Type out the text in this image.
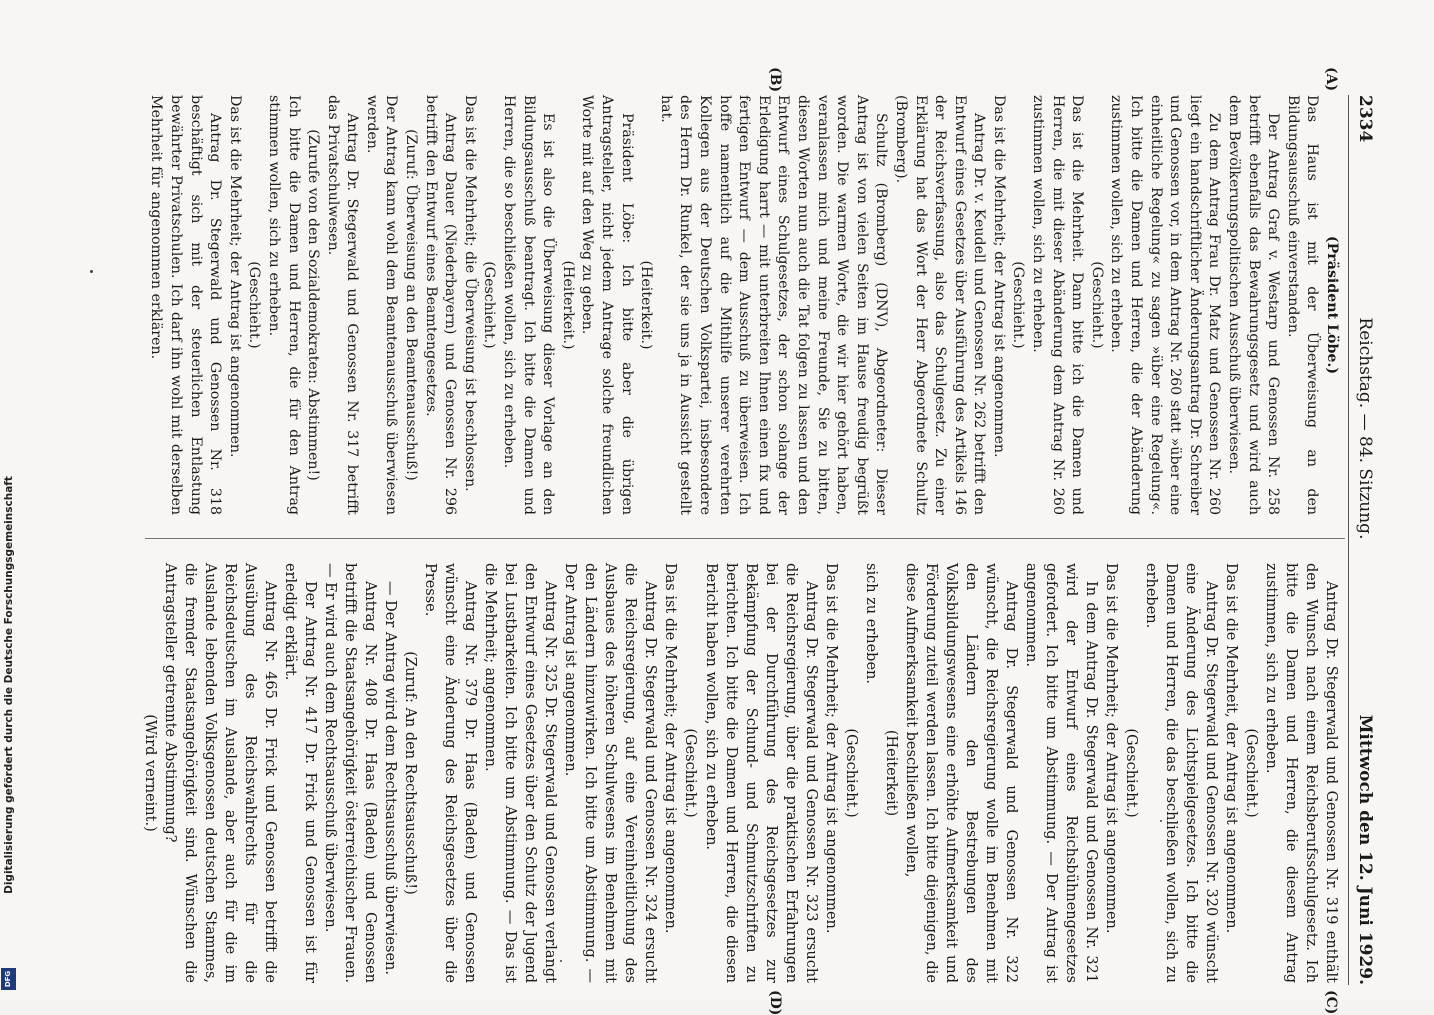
Digitalisierung gefördert durch die Deutsche Forschungsgemeinschaft
DFG
2334
Reichstag. — 84. Sitzung.
Mittwoch den 12. Juni 1929.

(Präsident Löbe.)

Das Haus ist mit der Überweisung an den Bildungsausschuß einverstanden.

Der Antrag Graf v. Westarp und Genossen Nr. 258 betrifft ebenfalls das Bewahrungsgesetz und wird auch dem Bevölkerungspolitischen Ausschuß überwiesen.

Zu dem Antrag Frau Dr. Matz und Genossen Nr. 260 liegt ein handschriftlicher Änderungsantrag Dr. Schreiber und Genossen vor, in dem Antrag Nr. 260 statt »über eine einheitliche Regelung« zu sagen »über eine Regelung«. Ich bitte die Damen und Herren, die der Abänderung zustimmen wollen, sich zu erheben.

(Geschieht.)

Das ist die Mehrheit. Dann bitte ich die Damen und Herren, die mit dieser Abänderung dem Antrag Nr. 260 zustimmen wollen, sich zu erheben.

(Geschieht.)

Das ist die Mehrheit; der Antrag ist angenommen.

Antrag Dr. v. Keudell und Genossen Nr. 262 betrifft den Entwurf eines Gesetzes über Ausführung des Artikels 146 der Reichsverfassung, also das Schulgesetz. Zu einer Erklärung hat das Wort der Herr Abgeordnete Schultz (Bromberg).

Schultz (Bromberg) (DNV), Abgeordneter: Dieser Antrag ist von vielen Seiten im Hause freudig begrüßt worden. Die warmen Worte, die wir hier gehört haben, veranlassen mich und meine Freunde, Sie zu bitten, diesen Worten nun auch die Tat folgen zu lassen und den Entwurf eines Schulgesetzes, der schon solange der Erledigung harrt — mit unterbreiten Ihnen einen fix und fertigen Entwurf — dem Ausschuß zu überweisen. Ich hoffe namentlich auf die Mithilfe unserer verehrten Kollegen aus der Deutschen Volkspartei, insbesondere des Herrn Dr. Runkel, der sie uns ja in Aussicht gestellt hat.

(Heiterkeit.)

Präsident Löbe: Ich bitte aber die übrigen Antragsteller, nicht jedem Antrage solche freundlichen Worte mit auf den Weg zu geben.

(Heiterkeit.)

Es ist also die Überweisung dieser Vorlage an den Bildungsausschuß beantragt. Ich bitte die Damen und Herren, die so beschließen wollen, sich zu erheben.

(Geschieht.)

Das ist die Mehrheit; die Überweisung ist beschlossen.

Antrag Dauer (Niederbayern) und Genossen Nr. 296 betrifft den Entwurf eines Beamtengesetzes.

(Zuruf: Überweisung an den Beamtenausschuß!)

Der Antrag kann wohl dem Beamtenausschuß überwiesen werden.

Antrag Dr. Stegerwald und Genossen Nr. 317 betrifft das Privatschulwesen.

(Zurufe von den Sozialdemokraten: Abstimmen!)

Ich bitte die Damen und Herren, die für den Antrag stimmen wollen, sich zu erheben.

(Geschieht.)

Das ist die Mehrheit; der Antrag ist angenommen.

Antrag Dr. Stegerwald und Genossen Nr. 318 beschäftigt sich mit der steuerlichen Entlastung bewährter Privatschulen. Ich darf ihn wohl mit derselben Mehrheit für angenommen erklären.

Antrag Dr. Stegerwald und Genossen Nr. 319 enthält den Wunsch nach einem Reichsberufsschulgesetz. Ich bitte die Damen und Herren, die diesem Antrag zustimmen, sich zu erheben.

(Geschieht.)

Das ist die Mehrheit, der Antrag ist angenommen.

Antrag Dr. Stegerwald und Genossen Nr. 320 wünscht eine Änderung des Lichtspielgesetzes. Ich bitte die Damen und Herren, die das beschließen wollen, sich zu erheben.

(Geschieht.)

Das ist die Mehrheit; der Antrag ist angenommen.

In dem Antrag Dr. Stegerwald und Genossen Nr. 321 wird der Entwurf eines Reichsbühnengesetzes gefordert. Ich bitte um Abstimmung. — Der Antrag ist angenommen.

Antrag Dr. Stegerwald und Genossen Nr. 322 wünscht, die Reichsregierung wolle im Benehmen mit den Ländern den Bestrebungen des Volksbildungswesens eine erhöhte Aufmerksamkeit und Förderung zuteil werden lassen. Ich bitte diejenigen, die diese Aufmerksamkeit beschließen wollen,

(Heiterkeit)

sich zu erheben.

(Geschieht.)

Das ist die Mehrheit; der Antrag ist angenommen.

Antrag Dr. Stegerwald und Genossen Nr. 323 ersucht die Reichsregierung, über die praktischen Erfahrungen bei der Durchführung des Reichsgesetzes zur Bekämpfung der Schund- und Schmutzschriften zu berichten. Ich bitte die Damen und Herren, die diesen Bericht haben wollen, sich zu erheben.

(Geschieht.)

Das ist die Mehrheit; der Antrag ist angenommen.

Antrag Dr. Stegerwald und Genossen Nr. 324 ersucht die Reichsregierung, auf eine Vereinheitlichung des Ausbaues des höheren Schulwesens im Benehmen mit den Ländern hinzuwirken. Ich bitte um Abstimmung. — Der Antrag ist angenommen.

Antrag Nr. 325 Dr. Stegerwald und Genossen verlangt den Entwurf eines Gesetzes über den Schutz der Jugend bei Lustbarkeiten. Ich bitte um Abstimmung. — Das ist die Mehrheit; angenommen.

Antrag Nr. 379 Dr. Haas (Baden) und Genossen wünscht eine Änderung des Reichsgesetzes über die Presse.

(Zuruf: An den Rechtsausschuß!)

— Der Antrag wird dem Rechtsausschuß überwiesen.

Antrag Nr. 408 Dr. Haas (Baden) und Genossen betrifft die Staatsangehörigkeit österreichischer Frauen. — Er wird auch dem Rechtsausschuß überwiesen.

Der Antrag Nr. 417 Dr. Frick und Genossen ist für erledigt erklärt.

Antrag Nr. 465 Dr. Frick und Genossen betrifft die Ausübung des Reichswahlrechts für die Reichsdeutschen im Auslande, aber auch für die im Auslande lebenden Volksgenossen deutschen Stammes, die fremder Staatsangehörigkeit sind. Wünschen die Antragsteller getrennte Abstimmung?

(Wird verneint.)

(A)
(B)
(C)
(D)
